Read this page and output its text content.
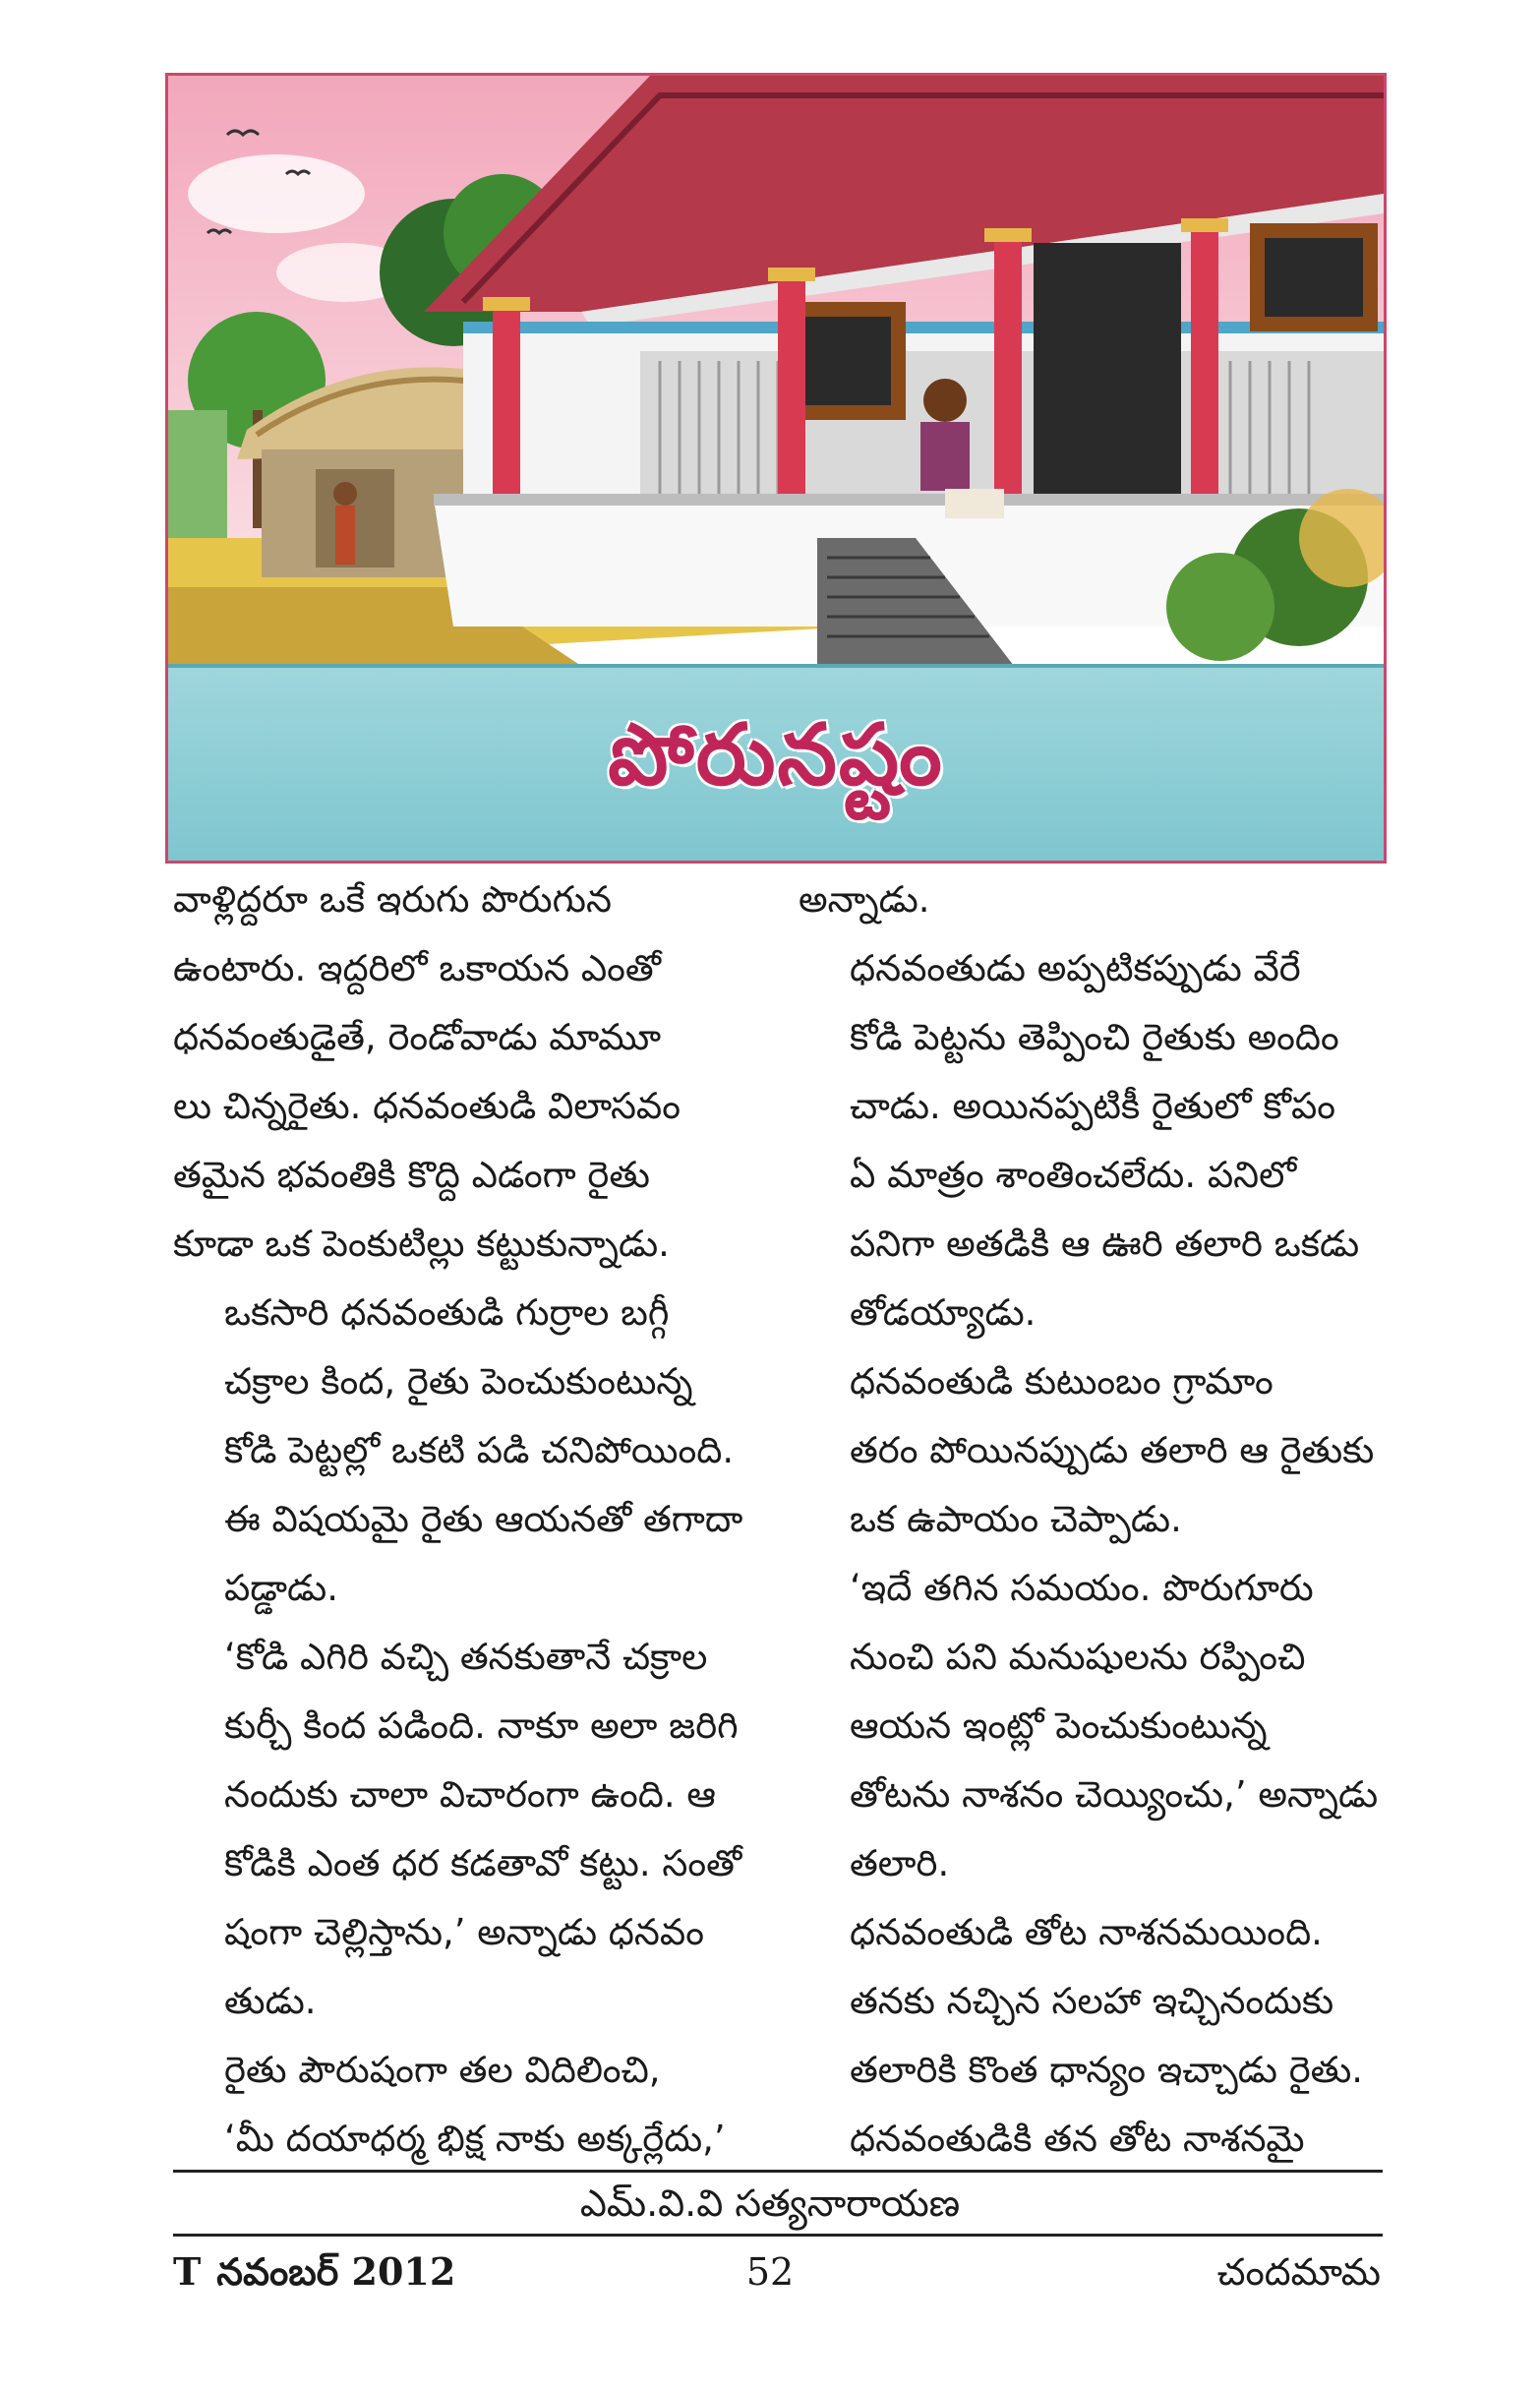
పోరునష్టం

వాళ్లిద్దరూ ఒకే ఇరుగు పొరుగున
ఉంటారు. ఇద్దరిలో ఒకాయన ఎంతో
ధనవంతుడైతే, రెండోవాడు మామూ
లు చిన్నరైతు. ధనవంతుడి విలాసవం
తమైన భవంతికి కొద్ది ఎడంగా రైతు
కూడా ఒక పెంకుటిల్లు కట్టుకున్నాడు.

ఒకసారి ధనవంతుడి గుర్రాల బగ్గీ
చక్రాల కింద, రైతు పెంచుకుంటున్న
కోడి పెట్టల్లో ఒకటి పడి చనిపోయింది.
ఈ విషయమై రైతు ఆయనతో తగాదా
పడ్డాడు.

‘కోడి ఎగిరి వచ్చి తనకుతానే చక్రాల
కుర్చీ కింద పడింది. నాకూ అలా జరిగి
నందుకు చాలా విచారంగా ఉంది. ఆ
కోడికి ఎంత ధర కడతావో కట్టు. సంతో
షంగా చెల్లిస్తాను,’ అన్నాడు ధనవం
తుడు.

రైతు పౌరుషంగా తల విదిలించి,
‘మీ దయాధర్మ భిక్ష నాకు అక్కర్లేదు,’

అన్నాడు.

ధనవంతుడు అప్పటికప్పుడు వేరే
కోడి పెట్టను తెప్పించి రైతుకు అందిం
చాడు. అయినప్పటికీ రైతులో కోపం
ఏ మాత్రం శాంతించలేదు. పనిలో
పనిగా అతడికి ఆ ఊరి తలారి ఒకడు
తోడయ్యాడు.

ధనవంతుడి కుటుంబం గ్రామాం
తరం పోయినప్పుడు తలారి ఆ రైతుకు
ఒక ఉపాయం చెప్పాడు.

‘ఇదే తగిన సమయం. పొరుగూరు
నుంచి పని మనుషులను రప్పించి
ఆయన ఇంట్లో పెంచుకుంటున్న
తోటను నాశనం చెయ్యించు,’ అన్నాడు
తలారి.

ధనవంతుడి తోట నాశనమయింది.
తనకు నచ్చిన సలహా ఇచ్చినందుకు
తలారికి కొంత ధాన్యం ఇచ్చాడు రైతు.

ధనవంతుడికి తన తోట నాశనమై

ఎమ్.వి.వి సత్యనారాయణ
T నవంబర్ 2012	52	చందమామ
